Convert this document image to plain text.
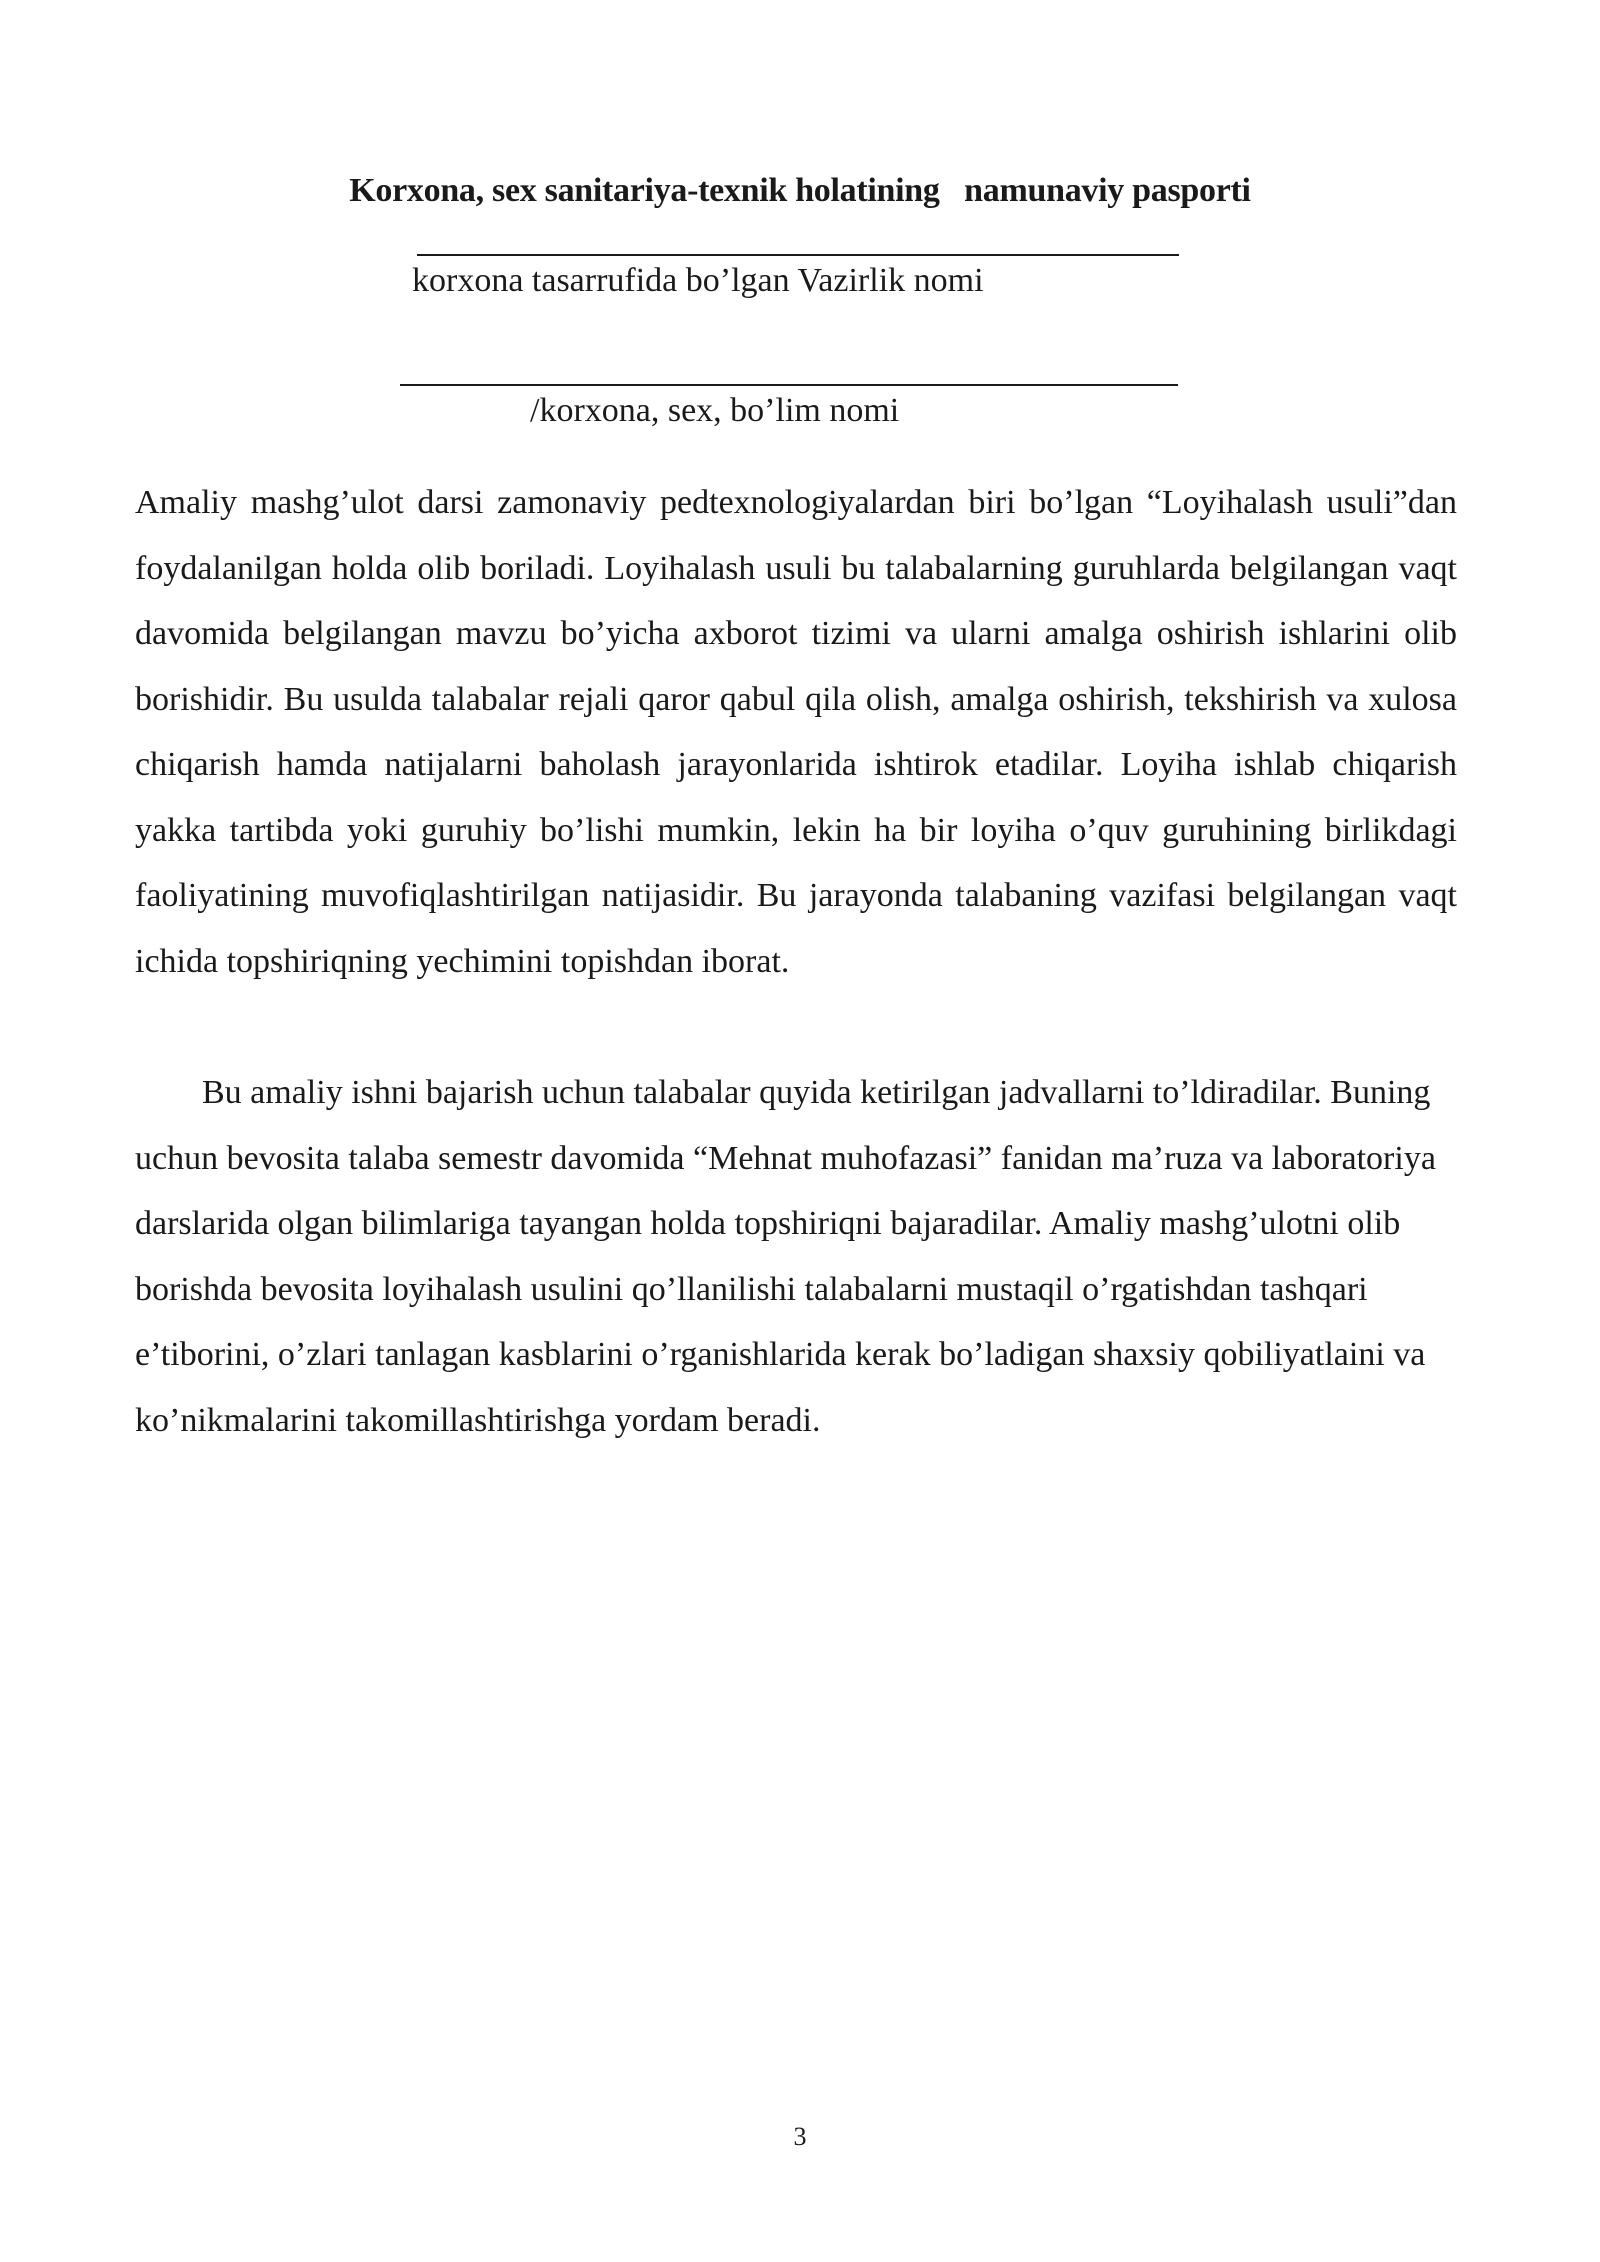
Korxona, sex sanitariya-texnik holatining   namunaviy pasporti
korxona tasarrufida bo’lgan Vazirlik nomi
/korxona, sex, bo’lim nomi

Amaliy mashg’ulot darsi zamonaviy pedtexnologiyalardan biri bo’lgan “Loyihalash usuli”dan foydalanilgan holda olib boriladi. Loyihalash usuli bu talabalarning guruhlarda belgilangan vaqt davomida belgilangan mavzu bo’yicha axborot tizimi va ularni amalga oshirish ishlarini olib borishidir. Bu usulda talabalar rejali qaror qabul qila olish, amalga oshirish, tekshirish va xulosa chiqarish hamda natijalarni baholash jarayonlarida ishtirok etadilar. Loyiha ishlab chiqarish yakka tartibda yoki guruhiy bo’lishi mumkin, lekin ha bir loyiha o’quv guruhining birlikdagi faoliyatining muvofiqlashtirilgan natijasidir. Bu jarayonda talabaning vazifasi belgilangan vaqt ichida topshiriqning yechimini topishdan iborat.

Bu amaliy ishni bajarish uchun talabalar quyida ketirilgan jadvallarni to’ldiradilar. Buning uchun bevosita talaba semestr davomida “Mehnat muhofazasi” fanidan ma’ruza va laboratoriya darslarida olgan bilimlariga tayangan holda topshiriqni bajaradilar. Amaliy mashg’ulotni olib borishda bevosita loyihalash usulini qo’llanilishi talabalarni mustaqil o’rgatishdan tashqari e’tiborini, o’zlari tanlagan kasblarini o’rganishlarida kerak bo’ladigan shaxsiy qobiliyatlaini va ko’nikmalarini takomillashtirishga yordam beradi.

3
